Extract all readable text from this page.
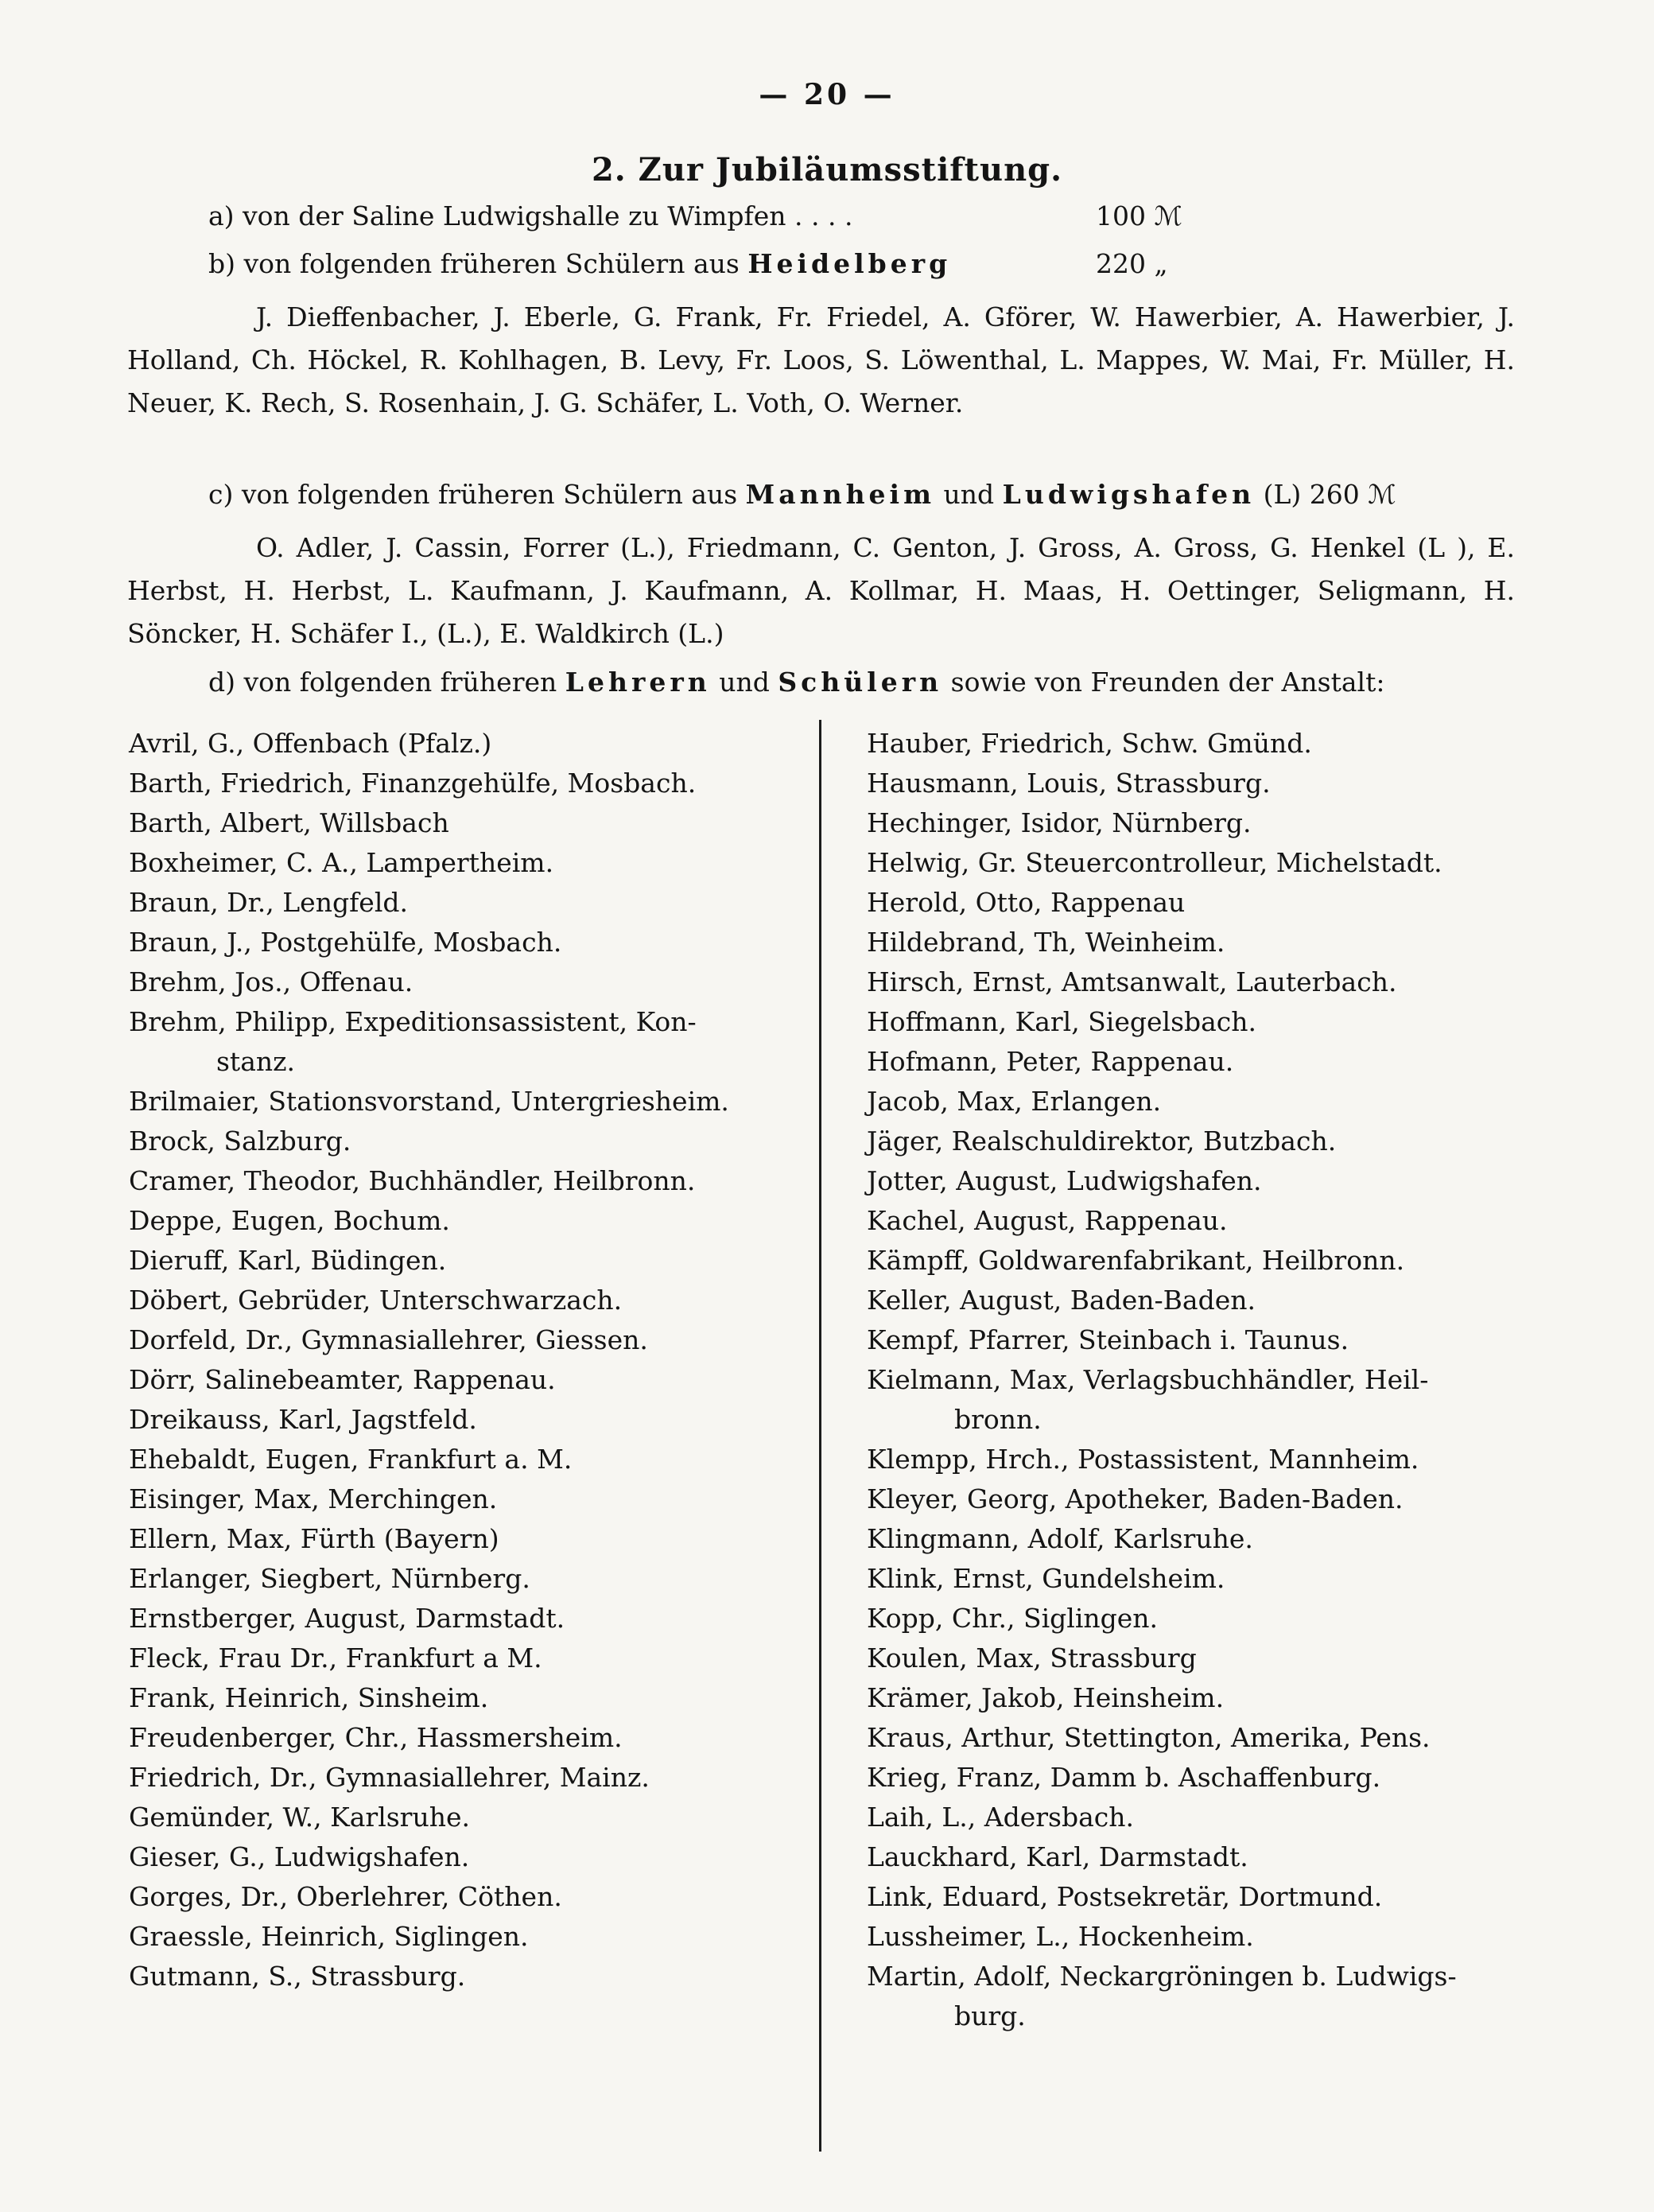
— 20 —
2. Zur Jubiläumsstiftung.
a) von der Saline Ludwigshalle zu Wimpfen . . . .	100 ℳ
b) von folgenden früheren Schülern aus Heidelberg	220 „
J. Dieffenbacher, J. Eberle, G. Frank, Fr. Friedel, A. Gförer, W. Hawerbier, A. Hawerbier, J. Holland, Ch. Höckel, R. Kohlhagen, B. Levy, Fr. Loos, S. Löwenthal, L. Mappes, W. Mai, Fr. Müller, H. Neuer, K. Rech, S. Rosenhain, J. G. Schäfer, L. Voth, O. Werner.
c) von folgenden früheren Schülern aus Mannheim und Ludwigshafen (L) 260 ℳ
O. Adler, J. Cassin, Forrer (L.), Friedmann, C. Genton, J. Gross, A. Gross, G. Henkel (L ), E. Herbst, H. Herbst, L. Kaufmann, J. Kaufmann, A. Kollmar, H. Maas, H. Oettinger, Seligmann, H. Söncker, H. Schäfer I., (L.), E. Waldkirch (L.)
d) von folgenden früheren Lehrern und Schülern sowie von Freunden der Anstalt:

Avril, G., Offenbach (Pfalz.)

Barth, Friedrich, Finanzgehülfe, Mosbach.

Barth, Albert, Willsbach

Boxheimer, C. A., Lampertheim.

Braun, Dr., Lengfeld.

Braun, J., Postgehülfe, Mosbach.

Brehm, Jos., Offenau.

Brehm, Philipp, Expeditionsassistent, Kon-
stanz.

Brilmaier, Stationsvorstand, Untergriesheim.

Brock, Salzburg.

Cramer, Theodor, Buchhändler, Heilbronn.

Deppe, Eugen, Bochum.

Dieruff, Karl, Büdingen.

Döbert, Gebrüder, Unterschwarzach.

Dorfeld, Dr., Gymnasiallehrer, Giessen.

Dörr, Salinebeamter, Rappenau.

Dreikauss, Karl, Jagstfeld.

Ehebaldt, Eugen, Frankfurt a. M.

Eisinger, Max, Merchingen.

Ellern, Max, Fürth (Bayern)

Erlanger, Siegbert, Nürnberg.

Ernstberger, August, Darmstadt.

Fleck, Frau Dr., Frankfurt a M.

Frank, Heinrich, Sinsheim.

Freudenberger, Chr., Hassmersheim.

Friedrich, Dr., Gymnasiallehrer, Mainz.

Gemünder, W., Karlsruhe.

Gieser, G., Ludwigshafen.

Gorges, Dr., Oberlehrer, Cöthen.

Graessle, Heinrich, Siglingen.

Gutmann, S., Strassburg.

Hauber, Friedrich, Schw. Gmünd.

Hausmann, Louis, Strassburg.

Hechinger, Isidor, Nürnberg.

Helwig, Gr. Steuercontrolleur, Michelstadt.

Herold, Otto, Rappenau

Hildebrand, Th, Weinheim.

Hirsch, Ernst, Amtsanwalt, Lauterbach.

Hoffmann, Karl, Siegelsbach.

Hofmann, Peter, Rappenau.

Jacob, Max, Erlangen.

Jäger, Realschuldirektor, Butzbach.

Jotter, August, Ludwigshafen.

Kachel, August, Rappenau.

Kämpff, Goldwarenfabrikant, Heilbronn.

Keller, August, Baden-Baden.

Kempf, Pfarrer, Steinbach i. Taunus.

Kielmann, Max, Verlagsbuchhändler, Heil-
bronn.

Klempp, Hrch., Postassistent, Mannheim.

Kleyer, Georg, Apotheker, Baden-Baden.

Klingmann, Adolf, Karlsruhe.

Klink, Ernst, Gundelsheim.

Kopp, Chr., Siglingen.

Koulen, Max, Strassburg

Krämer, Jakob, Heinsheim.

Kraus, Arthur, Stettington, Amerika, Pens.

Krieg, Franz, Damm b. Aschaffenburg.

Laih, L., Adersbach.

Lauckhard, Karl, Darmstadt.

Link, Eduard, Postsekretär, Dortmund.

Lussheimer, L., Hockenheim.

Martin, Adolf, Neckargröningen b. Ludwigs-
burg.
